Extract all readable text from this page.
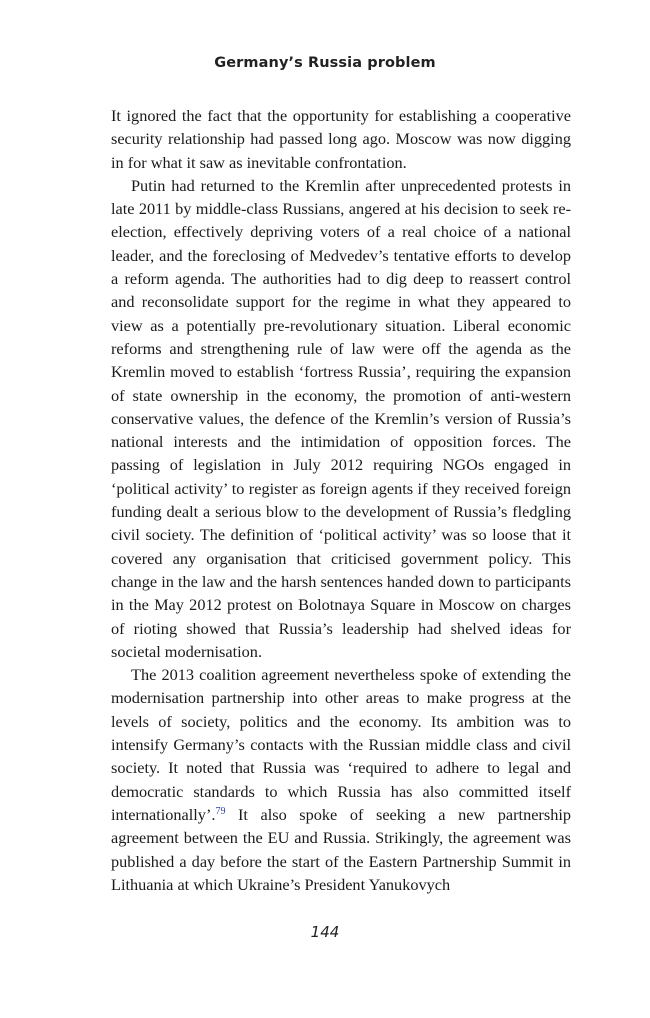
Germany’s Russia problem

It ignored the fact that the opportunity for establishing a cooperative security relationship had passed long ago. Moscow was now digging in for what it saw as inevitable confrontation.

Putin had returned to the Kremlin after unprecedented protests in late 2011 by middle-class Russians, angered at his decision to seek re-election, effectively depriving voters of a real choice of a national leader, and the foreclosing of Medvedev’s tentative efforts to develop a reform agenda. The authorities had to dig deep to reassert control and reconsolidate support for the regime in what they appeared to view as a potentially pre-revolutionary situation. Liberal economic reforms and strengthening rule of law were off the agenda as the Kremlin moved to establish ‘fortress Russia’, requiring the expansion of state ownership in the economy, the promotion of anti-western conservative values, the defence of the Kremlin’s version of Russia’s national interests and the intimidation of opposition forces. The passing of legislation in July 2012 requiring NGOs engaged in ‘political activity’ to register as foreign agents if they received foreign funding dealt a serious blow to the development of Russia’s fledgling civil society. The definition of ‘political activity’ was so loose that it covered any organisation that criticised government policy. This change in the law and the harsh sentences handed down to participants in the May 2012 protest on Bolotnaya Square in Moscow on charges of rioting showed that Russia’s leadership had shelved ideas for societal modernisation.

The 2013 coalition agreement nevertheless spoke of extending the modernisation partnership into other areas to make progress at the levels of society, politics and the economy. Its ambition was to intensify Germany’s contacts with the Russian middle class and civil society. It noted that Russia was ‘required to adhere to legal and democratic standards to which Russia has also committed itself internationally’.$^{79}$ It also spoke of seeking a new partnership agreement between the EU and Russia. Strikingly, the agreement was published a day before the start of the Eastern Partnership Summit in Lithuania at which Ukraine’s President Yanukovych

144
